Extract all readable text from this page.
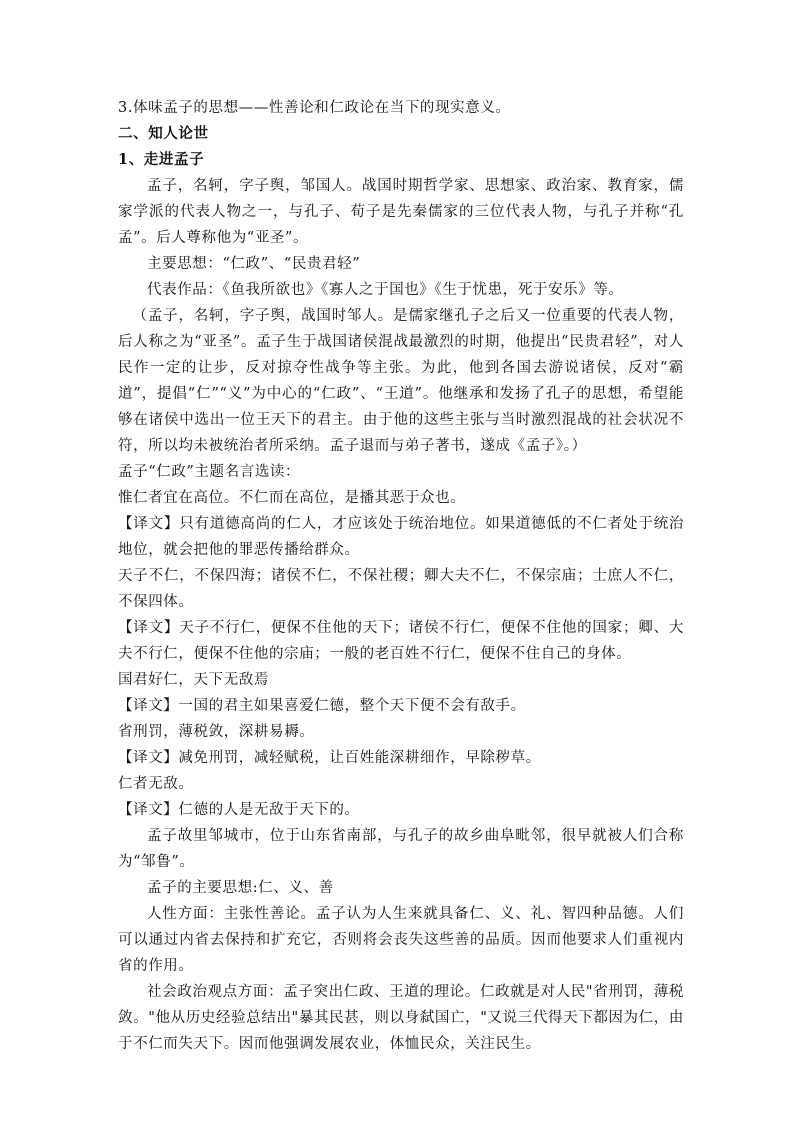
3.体味孟子的思想——性善论和仁政论在当下的现实意义。

二、知人论世

1、走进孟子

孟子，名轲，字子舆，邹国人。战国时期哲学家、思想家、政治家、教育家，儒家学派的代表人物之一，与孔子、荀子是先秦儒家的三位代表人物，与孔子并称“孔孟”。后人尊称他为“亚圣”。

主要思想：“仁政”、“民贵君轻”

代表作品：《鱼我所欲也》《寡人之于国也》《生于忧患，死于安乐》等。

（孟子，名轲，字子舆，战国时邹人。是儒家继孔子之后又一位重要的代表人物，后人称之为“亚圣”。孟子生于战国诸侯混战最激烈的时期，他提出“民贵君轻”，对人民作一定的让步，反对掠夺性战争等主张。为此，他到各国去游说诸侯，反对“霸道”，提倡“仁”“义”为中心的“仁政”、“王道”。他继承和发扬了孔子的思想，希望能够在诸侯中选出一位王天下的君主。由于他的这些主张与当时激烈混战的社会状况不符，所以均未被统治者所采纳。孟子退而与弟子著书，遂成《孟子》。）

孟子“仁政”主题名言选读：

惟仁者宜在高位。不仁而在高位，是播其恶于众也。

【译文】只有道德高尚的仁人，才应该处于统治地位。如果道德低的不仁者处于统治地位，就会把他的罪恶传播给群众。

天子不仁，不保四海；诸侯不仁，不保社稷；卿大夫不仁，不保宗庙；士庶人不仁，不保四体。

【译文】天子不行仁，便保不住他的天下；诸侯不行仁，便保不住他的国家；卿、大夫不行仁，便保不住他的宗庙；一般的老百姓不行仁，便保不住自己的身体。

国君好仁，天下无敌焉

【译文】一国的君主如果喜爱仁德，整个天下便不会有敌手。

省刑罚，薄税敛，深耕易耨。

【译文】减免刑罚，减轻赋税，让百姓能深耕细作，早除秽草。

仁者无敌。

【译文】仁德的人是无敌于天下的。

孟子故里邹城市，位于山东省南部，与孔子的故乡曲阜毗邻，很早就被人们合称为“邹鲁”。

孟子的主要思想:仁、义、善

人性方面：主张性善论。孟子认为人生来就具备仁、义、礼、智四种品德。人们可以通过内省去保持和扩充它，否则将会丧失这些善的品质。因而他要求人们重视内省的作用。

社会政治观点方面：孟子突出仁政、王道的理论。仁政就是对人民"省刑罚，薄税敛。"他从历史经验总结出"暴其民甚，则以身弑国亡，"又说三代得天下都因为仁，由于不仁而失天下。因而他强调发展农业，体恤民众，关注民生。
